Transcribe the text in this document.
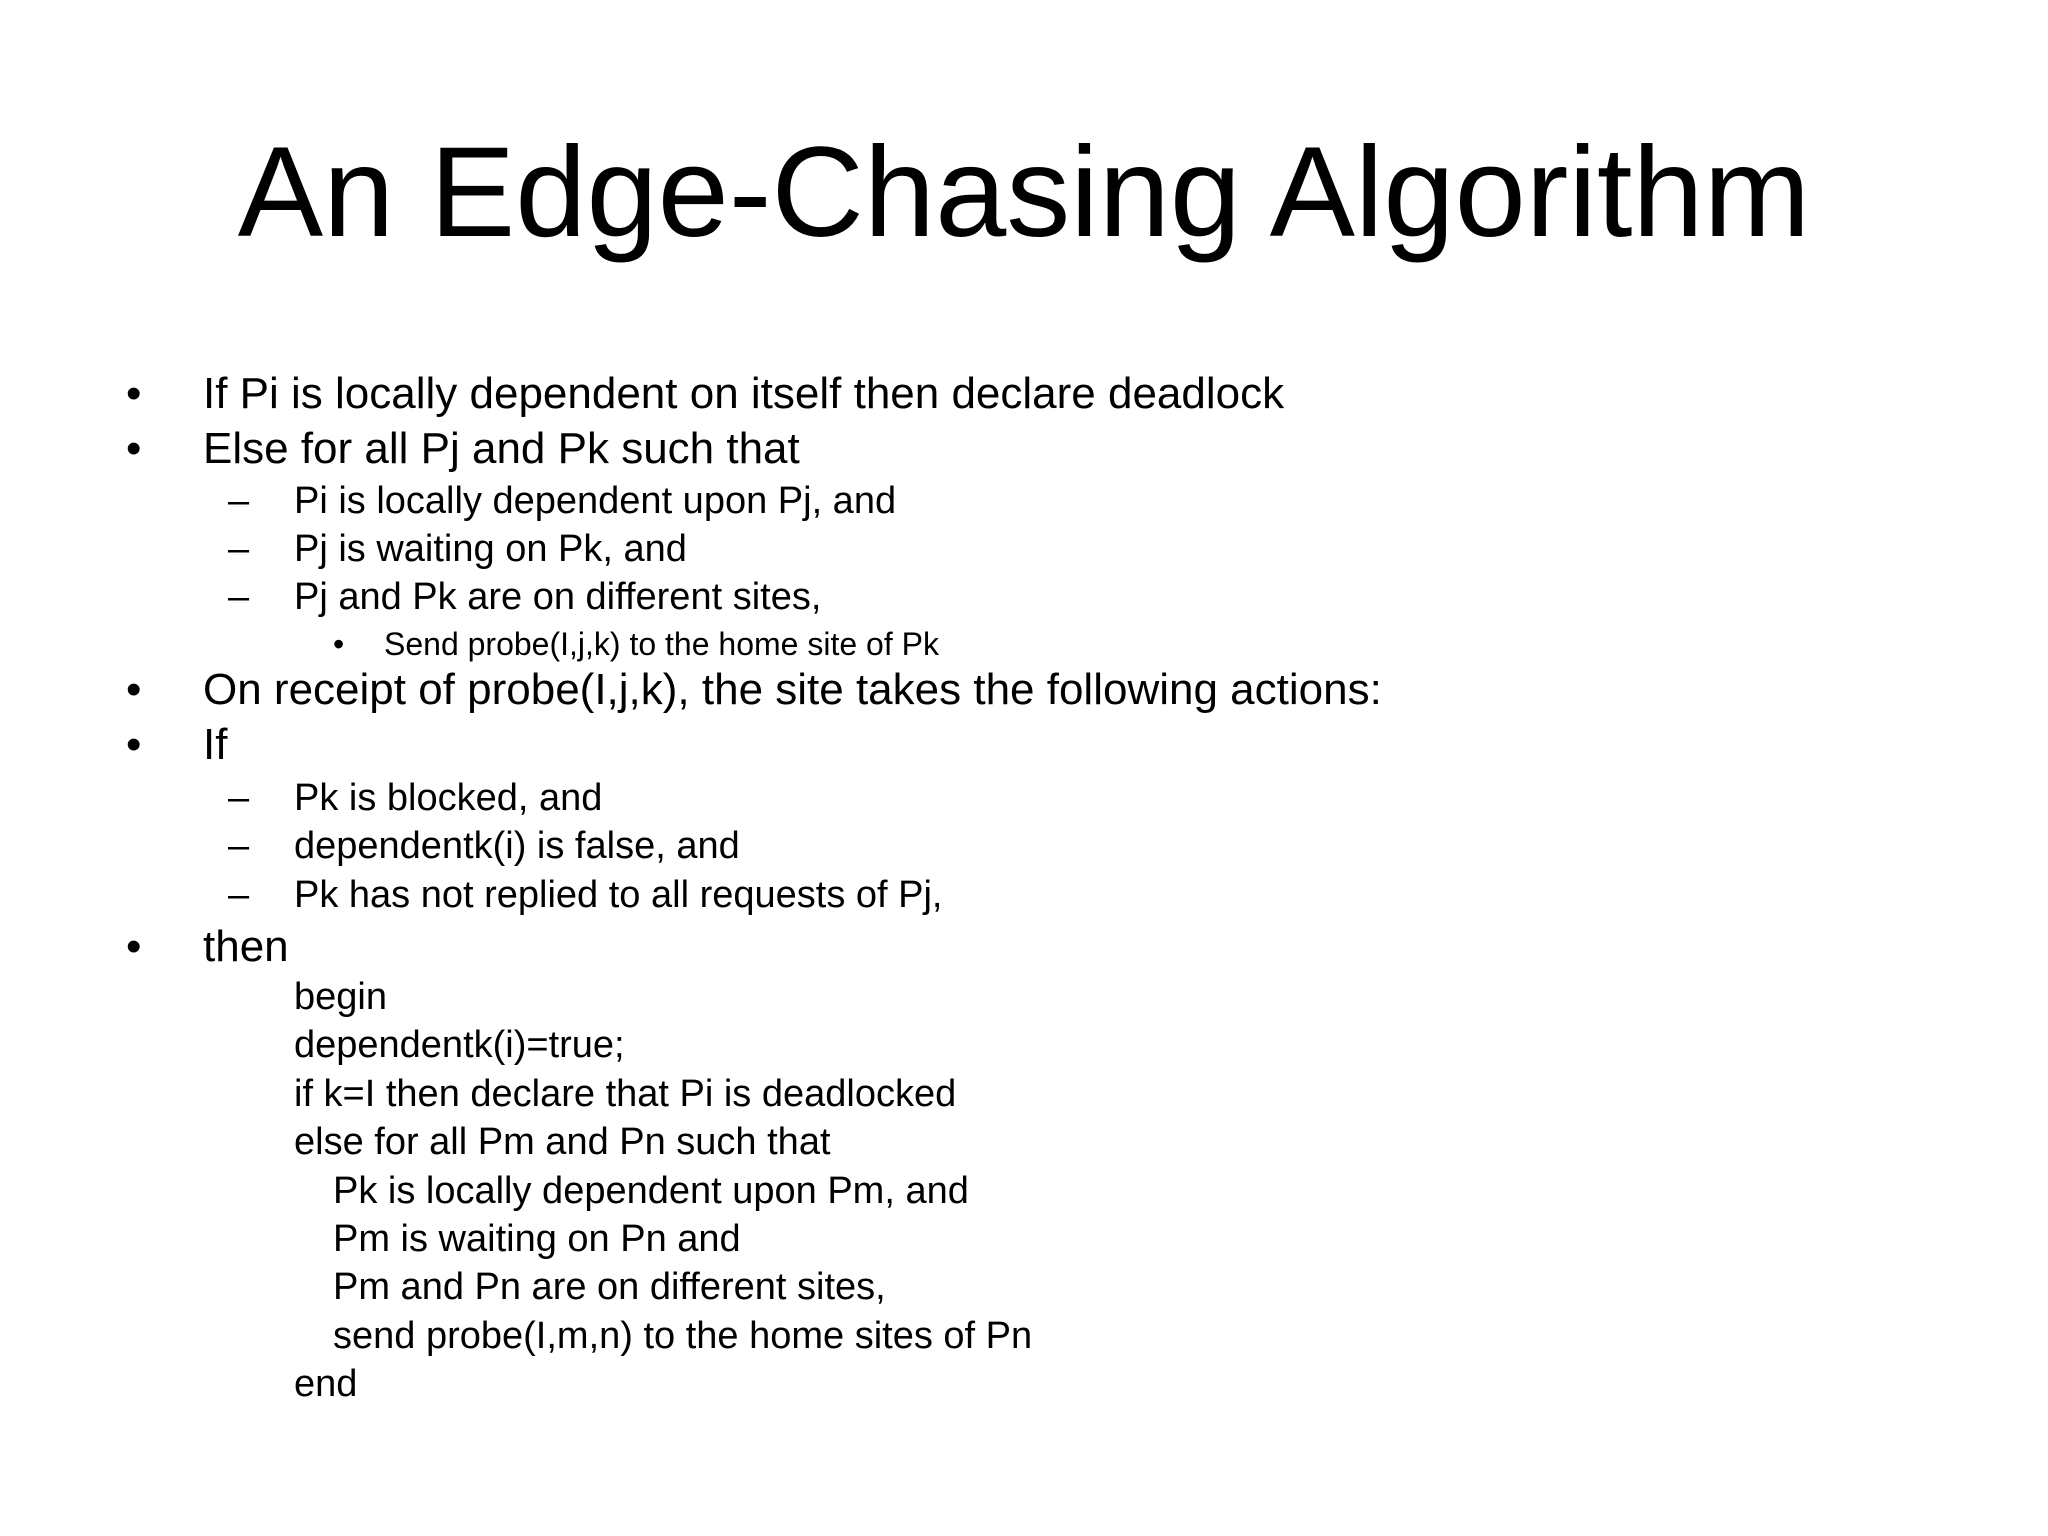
An Edge-Chasing Algorithm
• If Pi is locally dependent on itself then declare deadlock
• Else for all Pj and Pk such that
– Pi is locally dependent upon Pj, and
– Pj is waiting on Pk, and
– Pj and Pk are on different sites,
• Send probe(I,j,k) to the home site of Pk
• On receipt of probe(I,j,k), the site takes the following actions:
• If
– Pk is blocked, and
– dependentk(i) is false, and
– Pk has not replied to all requests of Pj,
• then
begin
dependentk(i)=true;
if k=I then declare that Pi is deadlocked
else for all Pm and Pn such that
Pk is locally dependent upon Pm, and
Pm is waiting on Pn and
Pm and Pn are on different sites,
send probe(I,m,n) to the home sites of Pn
end
